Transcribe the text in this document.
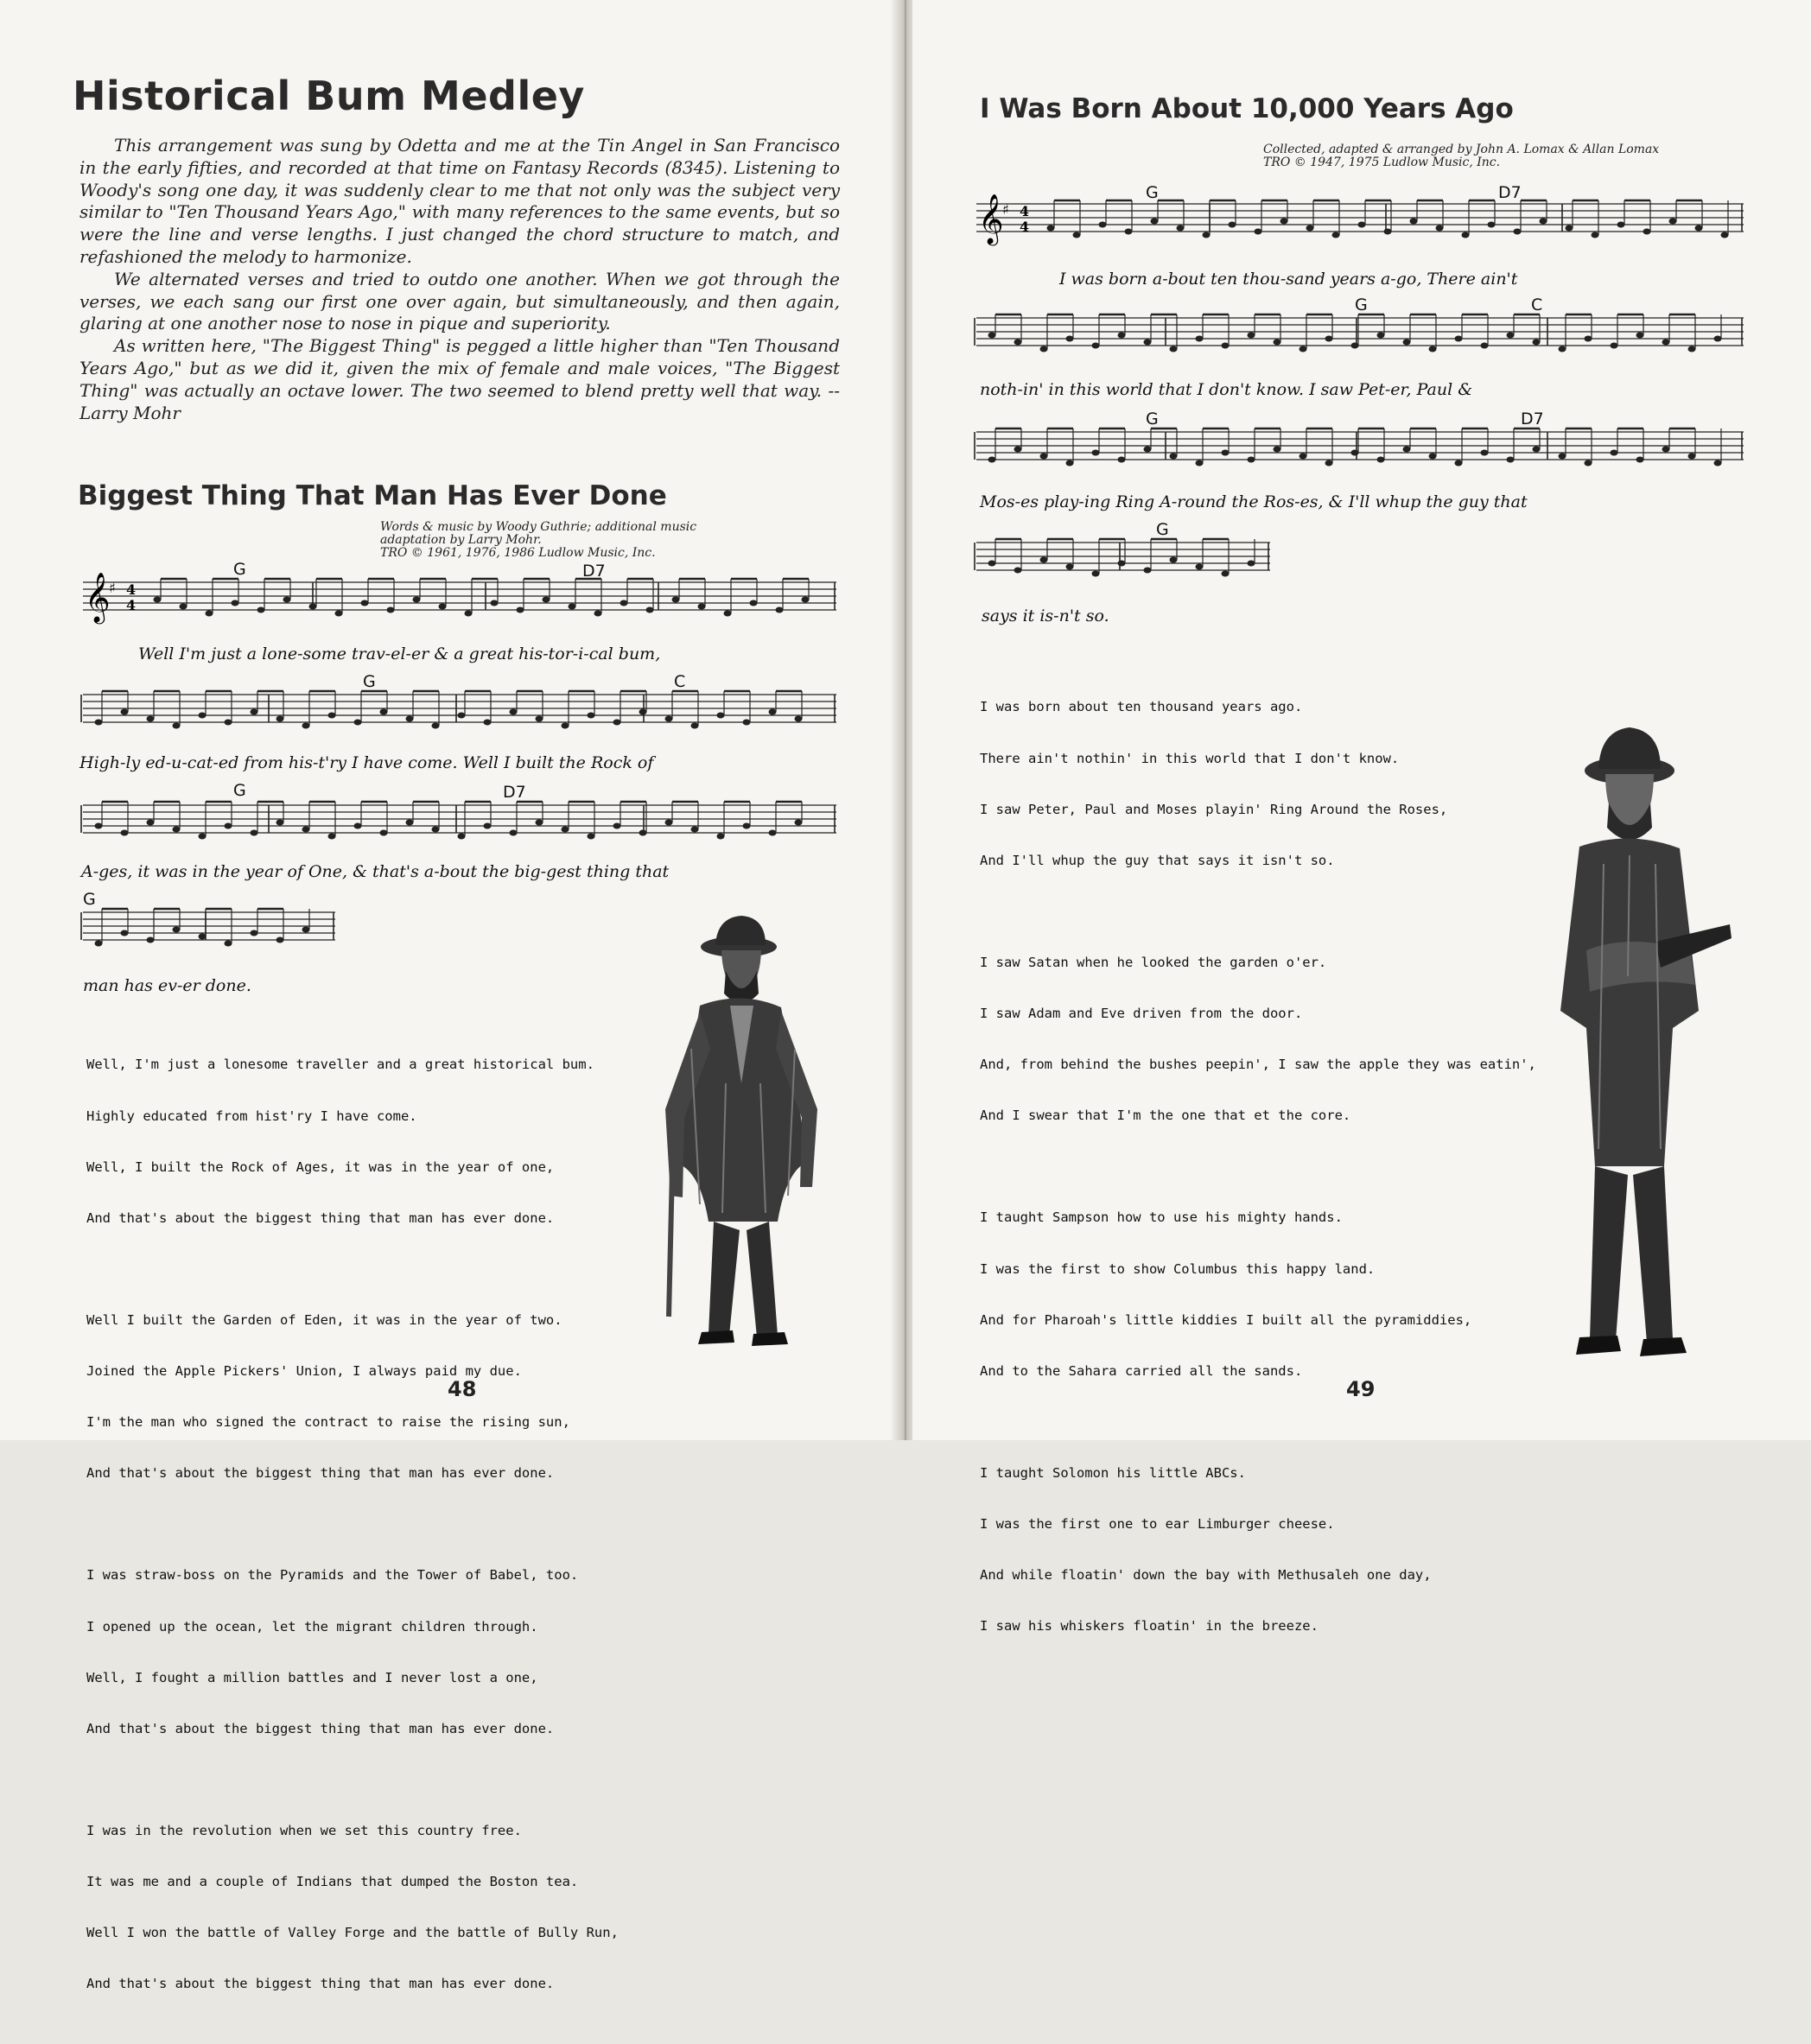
Historical Bum Medley

This arrangement was sung by Odetta and me at the Tin Angel in San Francisco in the early fifties, and recorded at that time on Fantasy Records (8345). Listening to Woody's song one day, it was suddenly clear to me that not only was the subject very similar to "Ten Thousand Years Ago," with many references to the same events, but so were the line and verse lengths. I just changed the chord structure to match, and refashioned the melody to harmonize.

We alternated verses and tried to outdo one another. When we got through the verses, we each sang our first one over again, but simultaneously, and then again, glaring at one another nose to nose in pique and superiority.

As written here, "The Biggest Thing" is pegged a little higher than "Ten Thousand Years Ago," but as we did it, given the mix of female and male voices, "The Biggest Thing" was actually an octave lower. The two seemed to blend pretty well that way. -- Larry Mohr

Biggest Thing That Man Has Ever Done
Words & music by Woody Guthrie; additional music
adaptation by Larry Mohr.
TRO © 1961, 1976, 1986 Ludlow Music, Inc.
𝄞
♯ 4
4
G	D7
Well I'm just a lone-some trav-el-er & a great his-tor-i-cal bum,
G	C
High-ly ed-u-cat-ed from his-t'ry I have come. Well I built the Rock of
G	D7
A-ges, it was in the year of One, & that's a-bout the big-gest thing that
G
man has ev-er done.

Well, I'm just a lonesome traveller and a great historical bum.

Highly educated from hist'ry I have come.

Well, I built the Rock of Ages, it was in the year of one,

And that's about the biggest thing that man has ever done.

Well I built the Garden of Eden, it was in the year of two.

Joined the Apple Pickers' Union, I always paid my due.

I'm the man who signed the contract to raise the rising sun,

And that's about the biggest thing that man has ever done.

I was straw-boss on the Pyramids and the Tower of Babel, too.

I opened up the ocean, let the migrant children through.

Well, I fought a million battles and I never lost a one,

And that's about the biggest thing that man has ever done.

I was in the revolution when we set this country free.

It was me and a couple of Indians that dumped the Boston tea.

Well I won the battle of Valley Forge and the battle of Bully Run,

And that's about the biggest thing that man has ever done.

48
I Was Born About 10,000 Years Ago
Collected, adapted & arranged by John A. Lomax & Allan Lomax
TRO © 1947, 1975 Ludlow Music, Inc.
𝄞
♯ 4
4
G	D7
I was born a-bout ten thou-sand years a-go, There ain't
G	C
noth-in' in this world that I don't know. I saw Pet-er, Paul &
G	D7
Mos-es play-ing Ring A-round the Ros-es, & I'll whup the guy that
G
says it is-n't so.

I was born about ten thousand years ago.

There ain't nothin' in this world that I don't know.

I saw Peter, Paul and Moses playin' Ring Around the Roses,

And I'll whup the guy that says it isn't so.

I saw Satan when he looked the garden o'er.

I saw Adam and Eve driven from the door.

And, from behind the bushes peepin', I saw the apple they was eatin',

And I swear that I'm the one that et the core.

I taught Sampson how to use his mighty hands.

I was the first to show Columbus this happy land.

And for Pharoah's little kiddies I built all the pyramiddies,

And to the Sahara carried all the sands.

I taught Solomon his little ABCs.

I was the first one to ear Limburger cheese.

And while floatin' down the bay with Methusaleh one day,

I saw his whiskers floatin' in the breeze.

49
